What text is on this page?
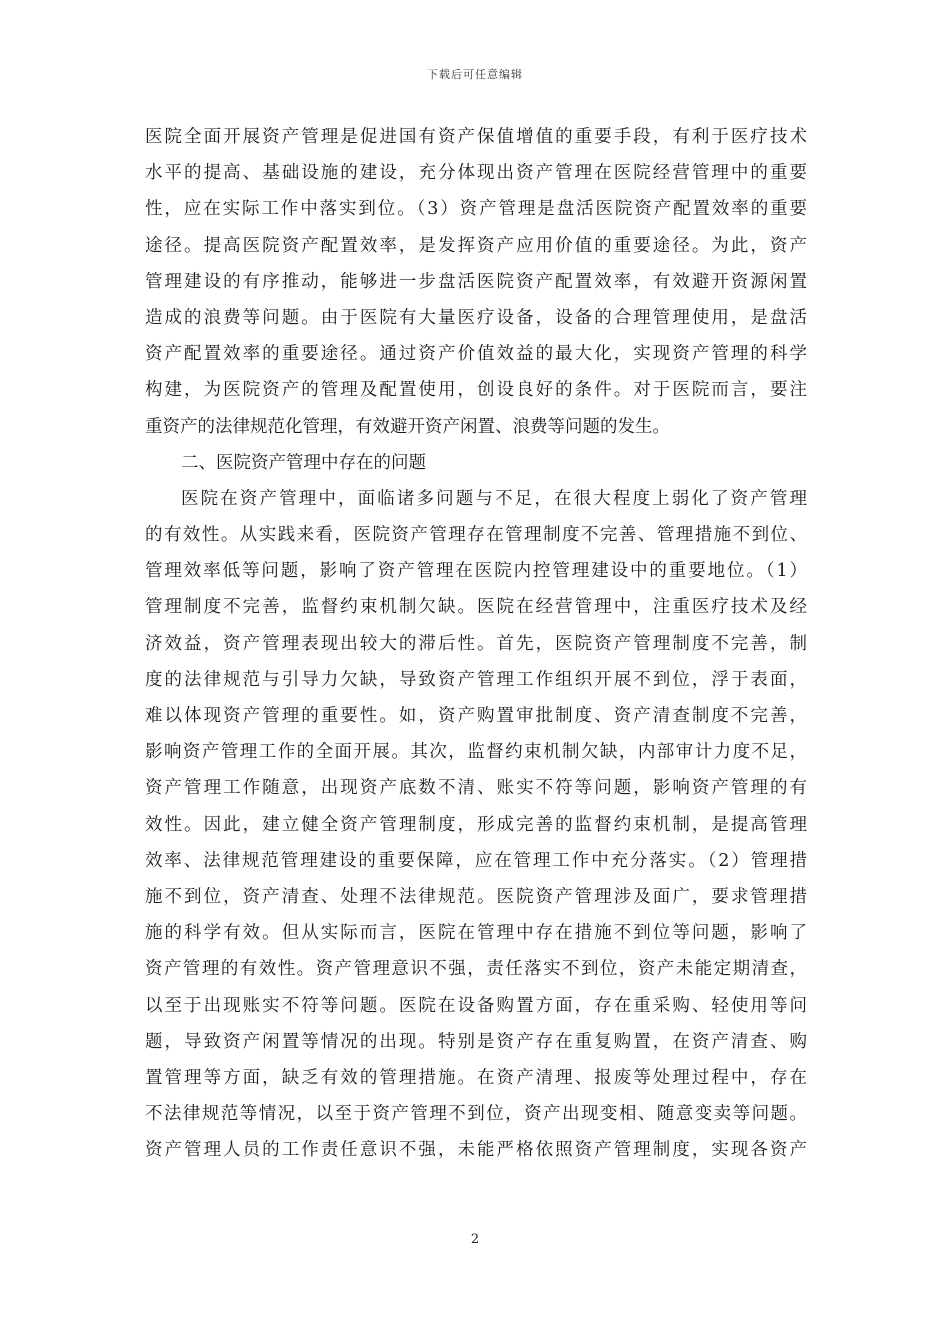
下载后可任意编辑
医院全面开展资产管理是促进国有资产保值增值的重要手段，有利于医疗技术
水平的提高、基础设施的建设，充分体现出资产管理在医院经营管理中的重要
性，应在实际工作中落实到位。（3）资产管理是盘活医院资产配置效率的重要
途径。提高医院资产配置效率，是发挥资产应用价值的重要途径。为此，资产
管理建设的有序推动，能够进一步盘活医院资产配置效率，有效避开资源闲置
造成的浪费等问题。由于医院有大量医疗设备，设备的合理管理使用，是盘活
资产配置效率的重要途径。通过资产价值效益的最大化，实现资产管理的科学
构建，为医院资产的管理及配置使用，创设良好的条件。对于医院而言，要注
重资产的法律规范化管理，有效避开资产闲置、浪费等问题的发生。
二、医院资产管理中存在的问题
医院在资产管理中，面临诸多问题与不足，在很大程度上弱化了资产管理
的有效性。从实践来看，医院资产管理存在管理制度不完善、管理措施不到位、
管理效率低等问题，影响了资产管理在医院内控管理建设中的重要地位。（1）
管理制度不完善，监督约束机制欠缺。医院在经营管理中，注重医疗技术及经
济效益，资产管理表现出较大的滞后性。首先，医院资产管理制度不完善，制
度的法律规范与引导力欠缺，导致资产管理工作组织开展不到位，浮于表面，
难以体现资产管理的重要性。如，资产购置审批制度、资产清查制度不完善，
影响资产管理工作的全面开展。其次，监督约束机制欠缺，内部审计力度不足，
资产管理工作随意，出现资产底数不清、账实不符等问题，影响资产管理的有
效性。因此，建立健全资产管理制度，形成完善的监督约束机制，是提高管理
效率、法律规范管理建设的重要保障，应在管理工作中充分落实。（2）管理措
施不到位，资产清查、处理不法律规范。医院资产管理涉及面广，要求管理措
施的科学有效。但从实际而言，医院在管理中存在措施不到位等问题，影响了
资产管理的有效性。资产管理意识不强，责任落实不到位，资产未能定期清查，
以至于出现账实不符等问题。医院在设备购置方面，存在重采购、轻使用等问
题，导致资产闲置等情况的出现。特别是资产存在重复购置，在资产清查、购
置管理等方面，缺乏有效的管理措施。在资产清理、报废等处理过程中，存在
不法律规范等情况，以至于资产管理不到位，资产出现变相、随意变卖等问题。
资产管理人员的工作责任意识不强，未能严格依照资产管理制度，实现各资产
2
